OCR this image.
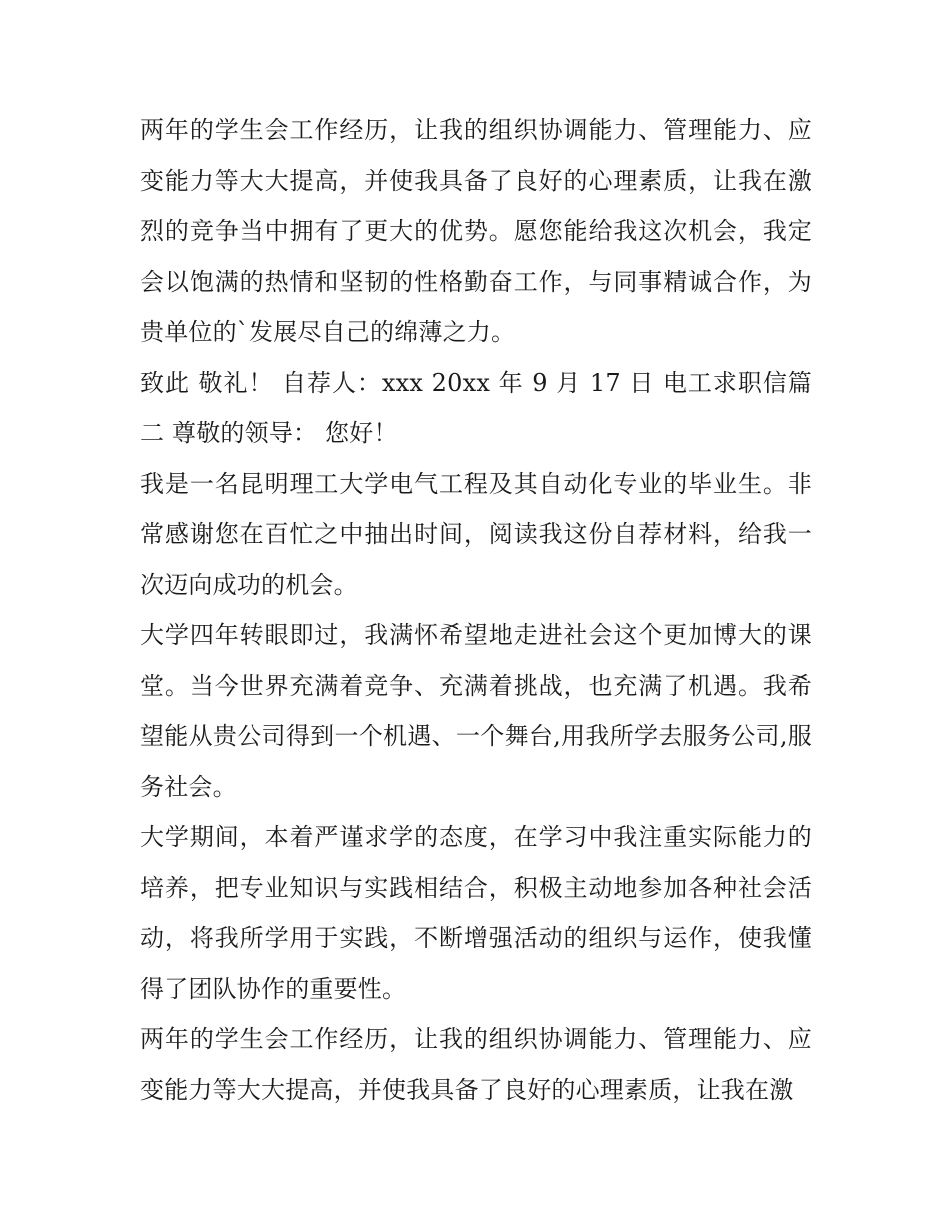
两年的学生会工作经历，让我的组织协调能力、管理能力、应变能力等大大提高，并使我具备了良好的心理素质，让我在激烈的竞争当中拥有了更大的优势。愿您能给我这次机会，我定会以饱满的热情和坚韧的性格勤奋工作，与同事精诚合作，为贵单位的`发展尽自己的绵薄之力。

致此 敬礼！ 自荐人：xxx 20xx 年 9 月 17 日 电工求职信篇二 尊敬的领导： 您好！

我是一名昆明理工大学电气工程及其自动化专业的毕业生。非常感谢您在百忙之中抽出时间，阅读我这份自荐材料，给我一次迈向成功的机会。

大学四年转眼即过，我满怀希望地走进社会这个更加博大的课堂。当今世界充满着竞争、充满着挑战，也充满了机遇。我希望能从贵公司得到一个机遇、一个舞台,用我所学去服务公司,服务社会。

大学期间，本着严谨求学的态度，在学习中我注重实际能力的培养，把专业知识与实践相结合，积极主动地参加各种社会活动，将我所学用于实践，不断增强活动的组织与运作，使我懂得了团队协作的重要性。

两年的学生会工作经历，让我的组织协调能力、管理能力、应变能力等大大提高，并使我具备了良好的心理素质，让我在激
